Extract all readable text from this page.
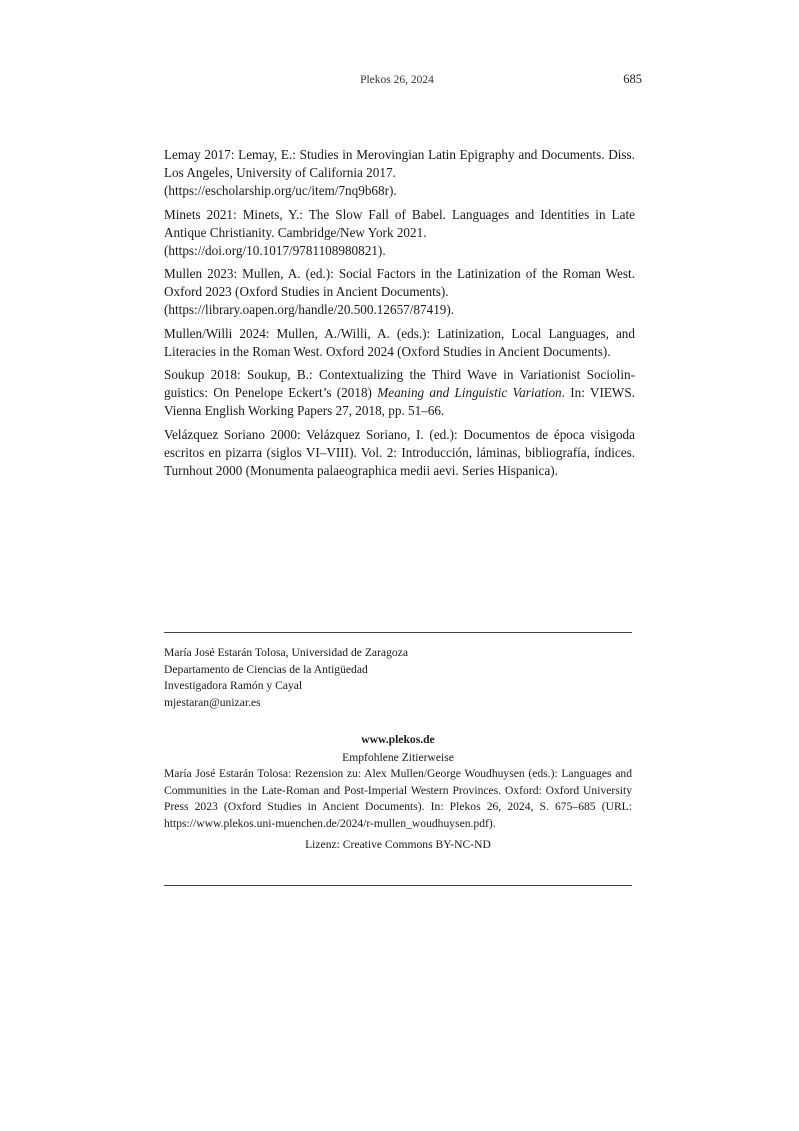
Plekos 26, 2024	685

Lemay 2017: Lemay, E.: Studies in Merovingian Latin Epigraphy and Documents. Diss. Los Angeles, University of California 2017.
(https://escholarship.org/uc/item/7nq9b68r).

Minets 2021: Minets, Y.: The Slow Fall of Babel. Languages and Identities in Late Antique Christianity. Cambridge/New York 2021.
(https://doi.org/10.1017/9781108980821).

Mullen 2023: Mullen, A. (ed.): Social Factors in the Latinization of the Roman West. Oxford 2023 (Oxford Studies in Ancient Documents).
(https://library.oapen.org/handle/20.500.12657/87419).

Mullen/Willi 2024: Mullen, A./Willi, A. (eds.): Latinization, Local Languages, and Literacies in the Roman West. Oxford 2024 (Oxford Studies in Ancient Documents).

Soukup 2018: Soukup, B.: Contextualizing the Third Wave in Variationist Sociolinguistics: On Penelope Eckert’s (2018) Meaning and Linguistic Variation. In: VIEWS. Vienna English Working Papers 27, 2018, pp. 51–66.

Velázquez Soriano 2000: Velázquez Soriano, I. (ed.): Documentos de época visigoda escritos en pizarra (siglos VI–VIII). Vol. 2: Introducción, láminas, bibliografía, índices. Turnhout 2000 (Monumenta palaeographica medii aevi. Series Hispanica).

María José Estarán Tolosa, Universidad de Zaragoza
Departamento de Ciencias de la Antigüedad
Investigadora Ramón y Cayal
mjestaran@unizar.es
www.plekos.de
Empfohlene Zitierweise
María José Estarán Tolosa: Rezension zu: Alex Mullen/George Woudhuysen (eds.): Languages and Communities in the Late-Roman and Post-Imperial Western Provinces. Oxford: Oxford University Press 2023 (Oxford Studies in Ancient Documents). In: Plekos 26, 2024, S. 675–685 (URL: https://www.plekos.uni-muenchen.de/2024/r-mullen_woudhuysen.pdf).
Lizenz: Creative Commons BY-NC-ND
